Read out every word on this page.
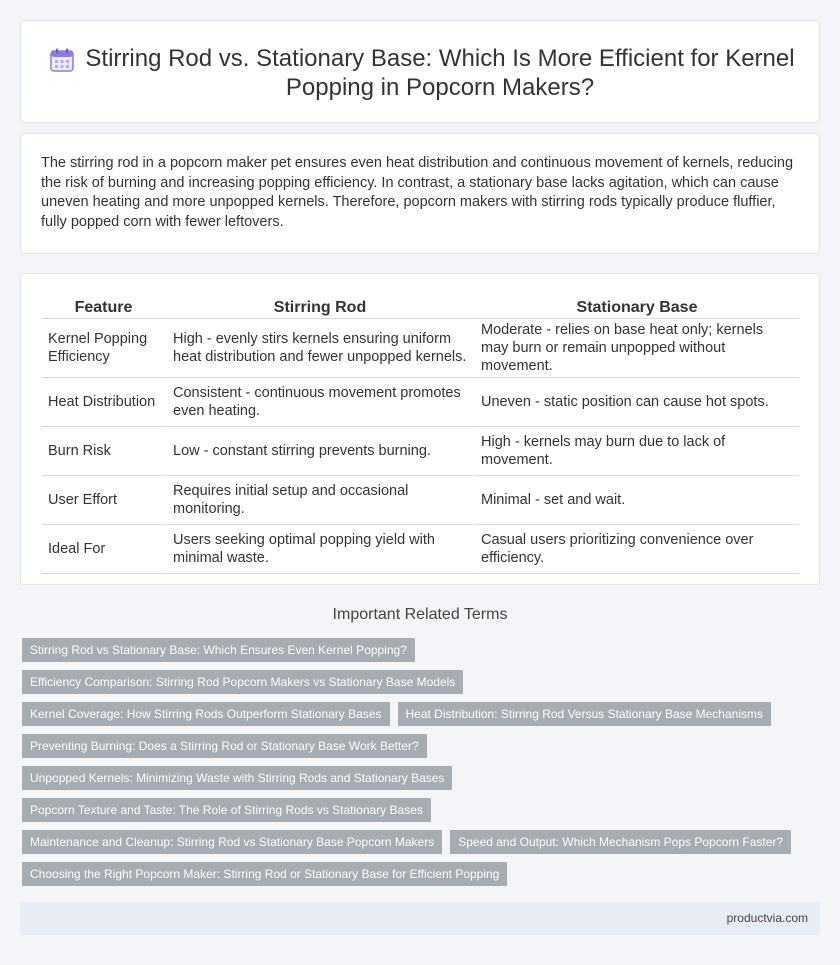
Stirring Rod vs. Stationary Base: Which Is More Efficient for Kernel Popping in Popcorn Makers?

The stirring rod in a popcorn maker pet ensures even heat distribution and continuous movement of kernels, reducing the risk of burning and increasing popping efficiency. In contrast, a stationary base lacks agitation, which can cause uneven heating and more unpopped kernels. Therefore, popcorn makers with stirring rods typically produce fluffier, fully popped corn with fewer leftovers.

Feature	Stirring Rod	Stationary Base
Kernel Popping Efficiency	High - evenly stirs kernels ensuring uniform heat distribution and fewer unpopped kernels.	Moderate - relies on base heat only; kernels may burn or remain unpopped without movement.
Heat Distribution	Consistent - continuous movement promotes even heating.	Uneven - static position can cause hot spots.
Burn Risk	Low - constant stirring prevents burning.	High - kernels may burn due to lack of movement.
User Effort	Requires initial setup and occasional monitoring.	Minimal - set and wait.
Ideal For	Users seeking optimal popping yield with minimal waste.	Casual users prioritizing convenience over efficiency.
Important Related Terms
Stirring Rod vs Stationary Base: Which Ensures Even Kernel Popping?
Efficiency Comparison: Stirring Rod Popcorn Makers vs Stationary Base Models
Kernel Coverage: How Stirring Rods Outperform Stationary Bases	Heat Distribution: Stirring Rod Versus Stationary Base Mechanisms
Preventing Burning: Does a Stirring Rod or Stationary Base Work Better?
Unpopped Kernels: Minimizing Waste with Stirring Rods and Stationary Bases
Popcorn Texture and Taste: The Role of Stirring Rods vs Stationary Bases
Maintenance and Cleanup: Stirring Rod vs Stationary Base Popcorn Makers	Speed and Output: Which Mechanism Pops Popcorn Faster?
Choosing the Right Popcorn Maker: Stirring Rod or Stationary Base for Efficient Popping
productvia.com
